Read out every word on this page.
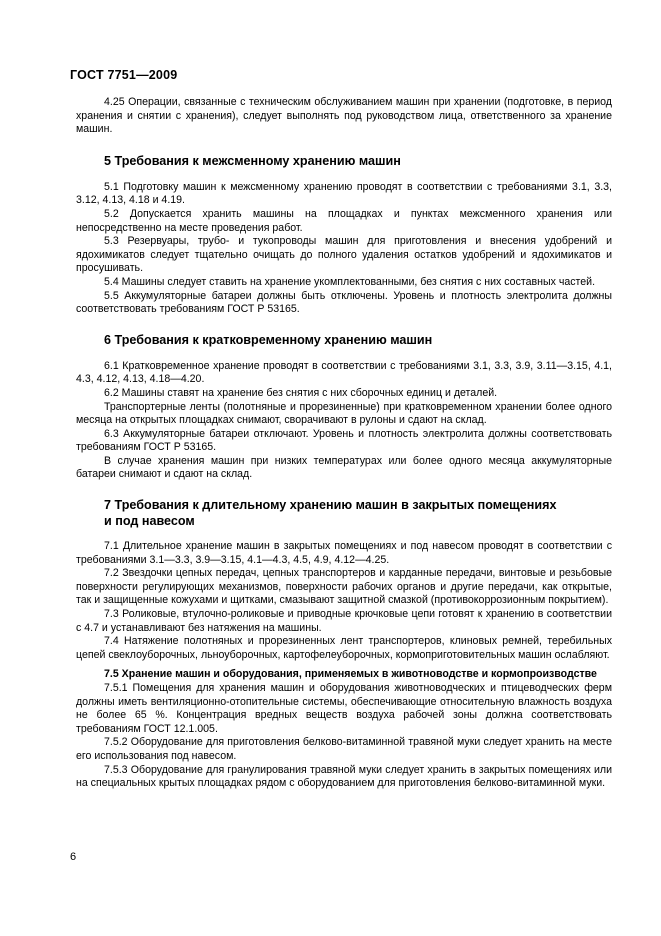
ГОСТ 7751—2009

4.25 Операции, связанные с техническим обслуживанием машин при хранении (подготовке, в период хранения и снятии с хранения), следует выполнять под руководством лица, ответственного за хранение машин.

5 Требования к межсменному хранению машин

5.1 Подготовку машин к межсменному хранению проводят в соответствии с требованиями 3.1, 3.3, 3.12, 4.13, 4.18 и 4.19.

5.2 Допускается хранить машины на площадках и пунктах межсменного хранения или непосредственно на месте проведения работ.

5.3 Резервуары, трубо- и тукопроводы машин для приготовления и внесения удобрений и ядохимикатов следует тщательно очищать до полного удаления остатков удобрений и ядохимикатов и просушивать.

5.4 Машины следует ставить на хранение укомплектованными, без снятия с них составных частей.

5.5 Аккумуляторные батареи должны быть отключены. Уровень и плотность электролита должны соответствовать требованиям ГОСТ Р 53165.

6 Требования к кратковременному хранению машин

6.1 Кратковременное хранение проводят в соответствии с требованиями 3.1, 3.3, 3.9, 3.11—3.15, 4.1, 4.3, 4.12, 4.13, 4.18—4.20.

6.2 Машины ставят на хранение без снятия с них сборочных единиц и деталей.

Транспортерные ленты (полотняные и прорезиненные) при кратковременном хранении более одного месяца на открытых площадках снимают, сворачивают в рулоны и сдают на склад.

6.3 Аккумуляторные батареи отключают. Уровень и плотность электролита должны соответствовать требованиям ГОСТ Р 53165.

В случае хранения машин при низких температурах или более одного месяца аккумуляторные батареи снимают и сдают на склад.

7 Требования к длительному хранению машин в закрытых помещениях
и под навесом

7.1 Длительное хранение машин в закрытых помещениях и под навесом проводят в соответствии с требованиями 3.1—3.3, 3.9—3.15, 4.1—4.3, 4.5, 4.9, 4.12—4.25.

7.2 Звездочки цепных передач, цепных транспортеров и карданные передачи, винтовые и резьбовые поверхности регулирующих механизмов, поверхности рабочих органов и другие передачи, как открытые, так и защищенные кожухами и щитками, смазывают защитной смазкой (противокоррозионным покрытием).

7.3 Роликовые, втулочно-роликовые и приводные крючковые цепи готовят к хранению в соответствии с 4.7 и устанавливают без натяжения на машины.

7.4 Натяжение полотняных и прорезиненных лент транспортеров, клиновых ремней, теребильных цепей свеклоуборочных, льноуборочных, картофелеуборочных, кормоприготовительных машин ослабляют.

7.5 Хранение машин и оборудования, применяемых в животноводстве и кормопроизводстве

7.5.1 Помещения для хранения машин и оборудования животноводческих и птицеводческих ферм должны иметь вентиляционно-отопительные системы, обеспечивающие относительную влажность воздуха не более 65 %. Концентрация вредных веществ воздуха рабочей зоны должна соответствовать требованиям ГОСТ 12.1.005.

7.5.2 Оборудование для приготовления белково-витаминной травяной муки следует хранить на месте его использования под навесом.

7.5.3 Оборудование для гранулирования травяной муки следует хранить в закрытых помещениях или на специальных крытых площадках рядом с оборудованием для приготовления белково-витаминной муки.

6
